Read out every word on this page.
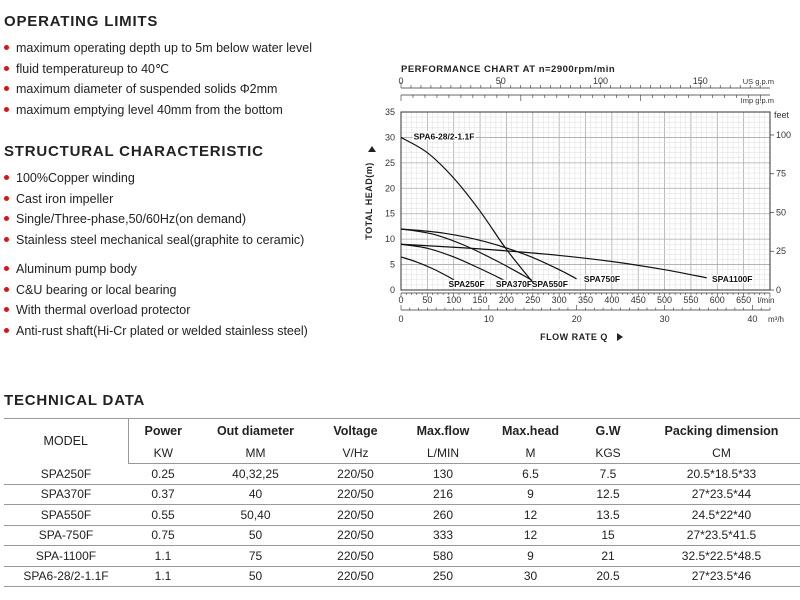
OPERATING LIMITS
maximum operating depth up to 5m below water level
fluid temperatureup to 40℃
maximum diameter of suspended solids Φ2mm
maximum emptying level 40mm from the bottom
STRUCTURAL CHARACTERISTIC
100%Copper winding
Cast iron impeller
Single/Three-phase,50/60Hz(on demand)
Stainless steel mechanical seal(graphite to ceramic)
Aluminum pump body
C&U bearing or local bearing
With thermal overload protector
Anti-rust shaft(Hi-Cr plated or welded stainless steel)
PERFORMANCE CHART AT n=2900rpm/min
0	50	100	150	US g.p.m
Imp g.p.m
0
5
10
15
20
25
30
35	feet
0
25
50
75
100
TOTAL HEAD(m)
0 50 100 150 200 250 300 350 400 450 500 550 600 650 l/min
0	10	20	30	40 m³/h
FLOW RATE Q
SPA250F SPA370F SPA550F
SPA750F	SPA1100F
SPA6-28/2-1.1F
TECHNICAL DATA
MODEL	Power	Out diameter	Voltage	Max.flow	Max.head	G.W	Packing dimension
	KW	MM	V/Hz	L/MIN	M	KGS	CM
SPA250F	0.25	40,32,25	220/50	130	6.5	7.5	20.5*18.5*33
SPA370F	0.37	40	220/50	216	9	12.5	27*23.5*44
SPA550F	0.55	50,40	220/50	260	12	13.5	24.5*22*40
SPA-750F	0.75	50	220/50	333	12	15	27*23.5*41.5
SPA-1100F	1.1	75	220/50	580	9	21	32.5*22.5*48.5
SPA6-28/2-1.1F	1.1	50	220/50	250	30	20.5	27*23.5*46
